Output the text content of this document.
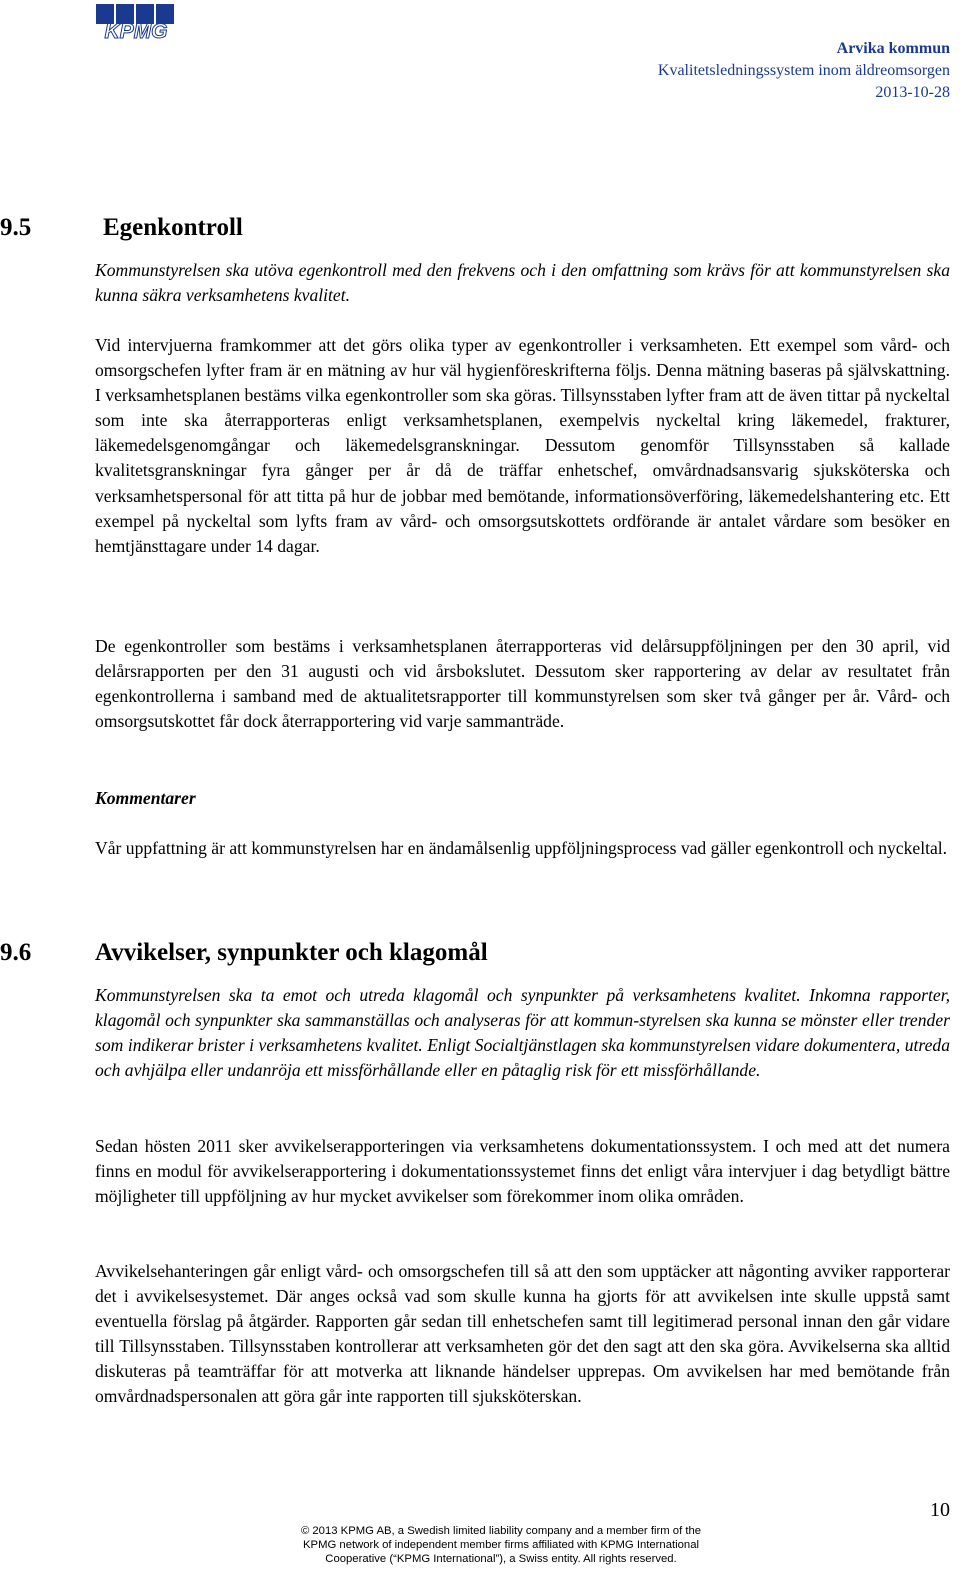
KPMG
Arvika kommun
Kvalitetsledningssystem inom äldreomsorgen
2013-10-28
9.5	Egenkontroll
Kommunstyrelsen ska utöva egenkontroll med den frekvens och i den omfattning som krävs för att kommunstyrelsen ska kunna säkra verksamhetens kvalitet.
Vid intervjuerna framkommer att det görs olika typer av egenkontroller i verksamheten. Ett exempel som vård- och omsorgschefen lyfter fram är en mätning av hur väl hygienföreskrifterna följs. Denna mätning baseras på självskattning. I verksamhetsplanen bestäms vilka egenkontroller som ska göras. Tillsynsstaben lyfter fram att de även tittar på nyckeltal som inte ska återrapporteras enligt verksamhetsplanen, exempelvis nyckeltal kring läkemedel, frakturer, läkemedelsgenomgångar och läkemedelsgranskningar. Dessutom genomför Tillsynsstaben så kallade kvalitetsgranskningar fyra gånger per år då de träffar enhetschef, omvårdnadsansvarig sjuksköterska och verksamhetspersonal för att titta på hur de jobbar med bemötande, informationsöverföring, läkemedelshantering etc. Ett exempel på nyckeltal som lyfts fram av vård- och omsorgsutskottets ordförande är antalet vårdare som besöker en hemtjänsttagare under 14 dagar.
De egenkontroller som bestäms i verksamhetsplanen återrapporteras vid delårsuppföljningen per den 30 april, vid delårsrapporten per den 31 augusti och vid årsbokslutet. Dessutom sker rapportering av delar av resultatet från egenkontrollerna i samband med de aktualitetsrapporter till kommunstyrelsen som sker två gånger per år. Vård- och omsorgsutskottet får dock återrapportering vid varje sammanträde.
Kommentarer
Vår uppfattning är att kommunstyrelsen har en ändamålsenlig uppföljningsprocess vad gäller egenkontroll och nyckeltal.
9.6	Avvikelser, synpunkter och klagomål
Kommunstyrelsen ska ta emot och utreda klagomål och synpunkter på verksamhetens kvalitet. Inkomna rapporter, klagomål och synpunkter ska sammanställas och analyseras för att kommun-styrelsen ska kunna se mönster eller trender som indikerar brister i verksamhetens kvalitet. Enligt Socialtjänstlagen ska kommunstyrelsen vidare dokumentera, utreda och avhjälpa eller undanröja ett missförhållande eller en påtaglig risk för ett missförhållande.
Sedan hösten 2011 sker avvikelserapporteringen via verksamhetens dokumentationssystem. I och med att det numera finns en modul för avvikelserapportering i dokumentationssystemet finns det enligt våra intervjuer i dag betydligt bättre möjligheter till uppföljning av hur mycket avvikelser som förekommer inom olika områden.
Avvikelsehanteringen går enligt vård- och omsorgschefen till så att den som upptäcker att någonting avviker rapporterar det i avvikelsesystemet. Där anges också vad som skulle kunna ha gjorts för att avvikelsen inte skulle uppstå samt eventuella förslag på åtgärder. Rapporten går sedan till enhetschefen samt till legitimerad personal innan den går vidare till Tillsynsstaben. Tillsynsstaben kontrollerar att verksamheten gör det den sagt att den ska göra. Avvikelserna ska alltid diskuteras på teamträffar för att motverka att liknande händelser upprepas. Om avvikelsen har med bemötande från omvårdnadspersonalen att göra går inte rapporten till sjuksköterskan.
10
© 2013 KPMG AB, a Swedish limited liability company and a member firm of the
KPMG network of independent member firms affiliated with KPMG International
Cooperative (“KPMG International”), a Swiss entity. All rights reserved.
